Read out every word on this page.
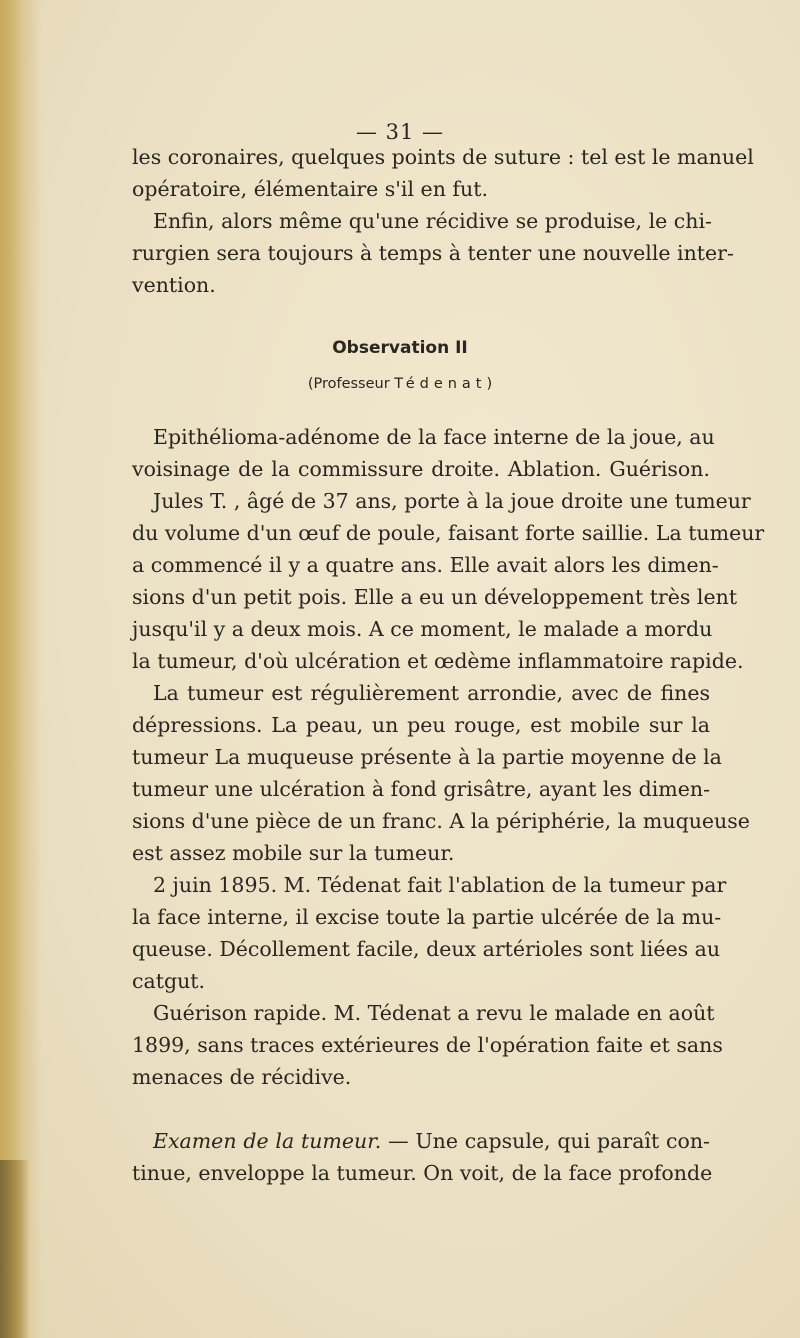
— 31 —
les coronaires, quelques points de suture : tel est le manuel
opératoire, élémentaire s'il en fut.
Enfin, alors même qu'une récidive se produise, le chi-
rurgien sera toujours à temps à tenter une nouvelle inter-
vention.
Observation II
(Professeur Tédenat)
Epithélioma-adénome de la face interne de la joue, au
voisinage de la commissure droite. Ablation. Guérison.
Jules T. , âgé de 37 ans, porte à la joue droite une tumeur
du volume d'un œuf de poule, faisant forte saillie. La tumeur
a commencé il y a quatre ans. Elle avait alors les dimen-
sions d'un petit pois. Elle a eu un développement très lent
jusqu'il y a deux mois. A ce moment, le malade a mordu
la tumeur, d'où ulcération et œdème inflammatoire rapide.
La tumeur est régulièrement arrondie, avec de fines
dépressions. La peau, un peu rouge, est mobile sur la
tumeur La muqueuse présente à la partie moyenne de la
tumeur une ulcération à fond grisâtre, ayant les dimen-
sions d'une pièce de un franc. A la périphérie, la muqueuse
est assez mobile sur la tumeur.
2 juin 1895. M. Tédenat fait l'ablation de la tumeur par
la face interne, il excise toute la partie ulcérée de la mu-
queuse. Décollement facile, deux artérioles sont liées au
catgut.
Guérison rapide. M. Tédenat a revu le malade en août
1899, sans traces extérieures de l'opération faite et sans
menaces de récidive.
Examen de la tumeur. — Une capsule, qui paraît con-
tinue, enveloppe la tumeur. On voit, de la face profonde
